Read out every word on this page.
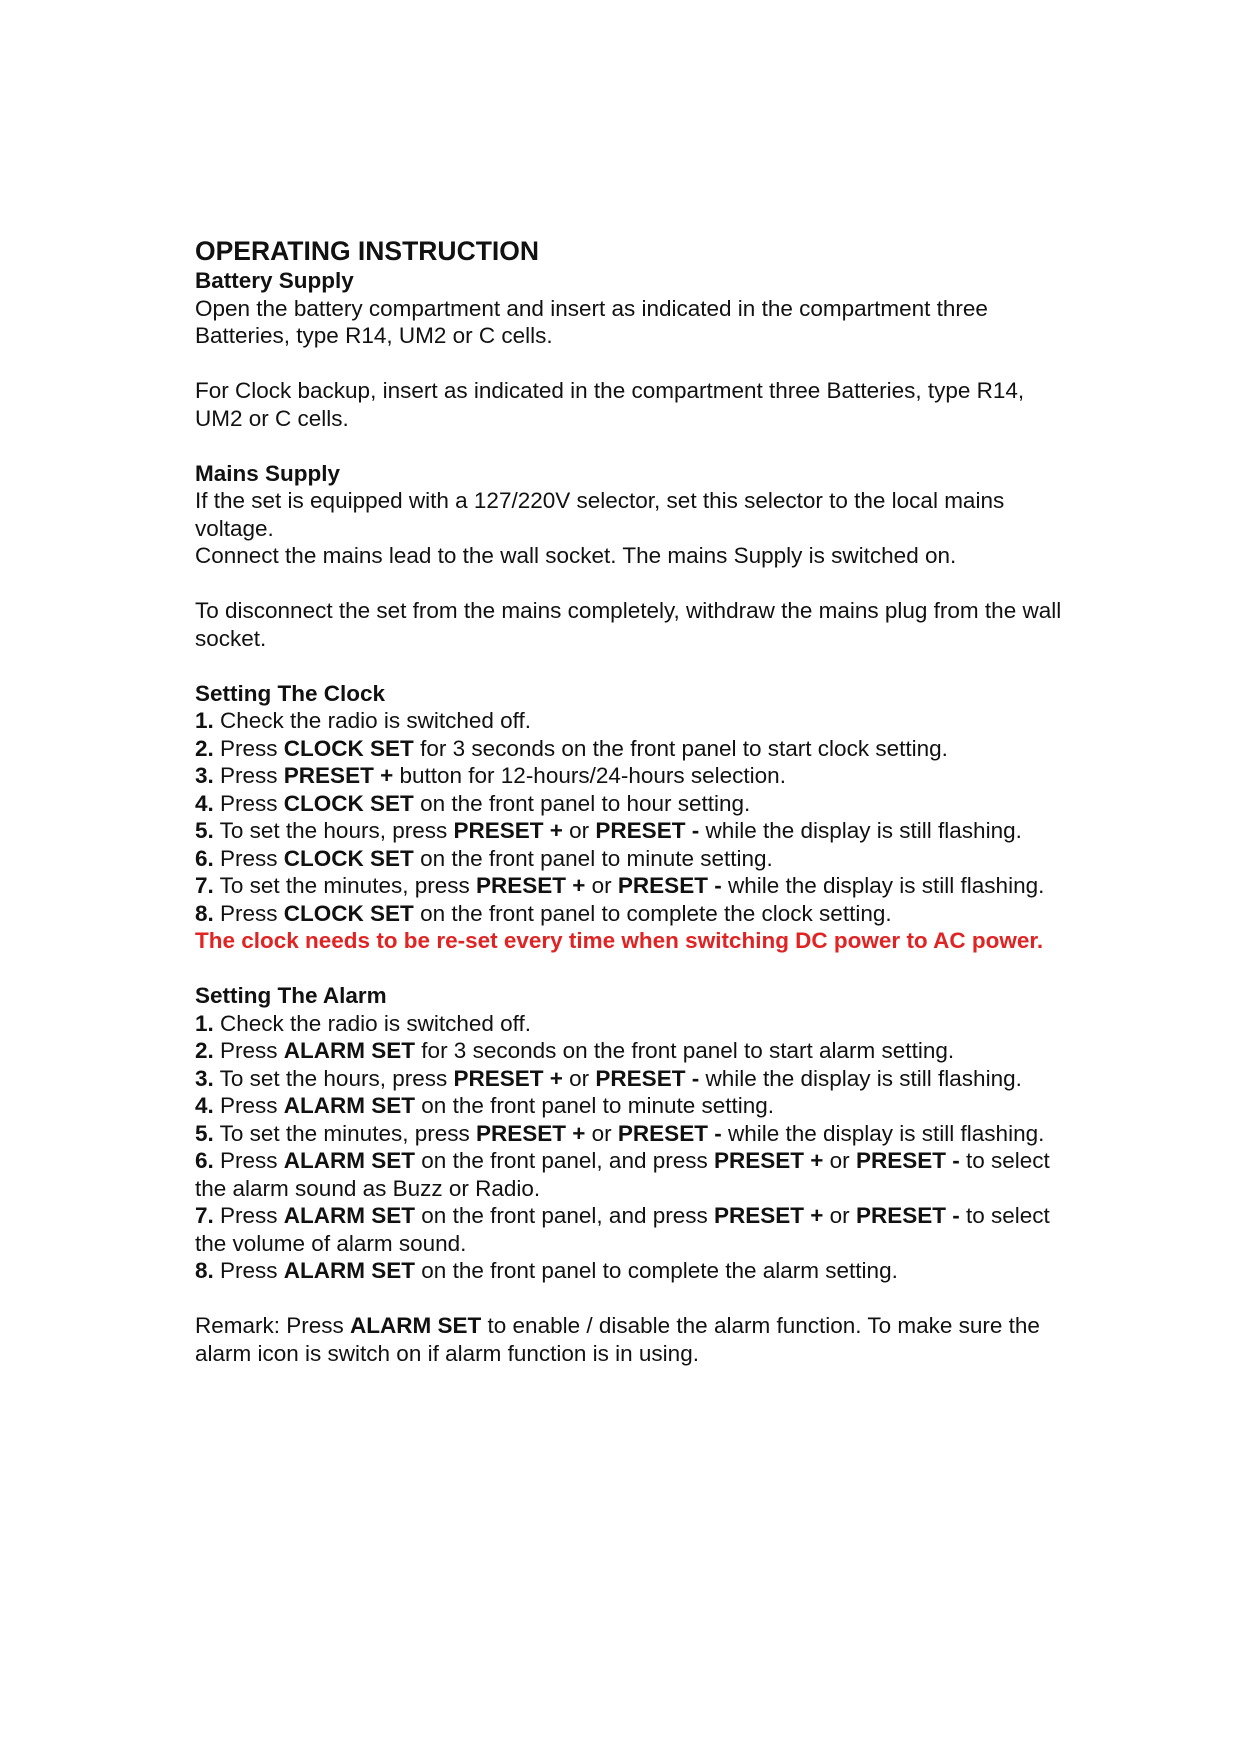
OPERATING INSTRUCTION
Battery Supply

Open the battery compartment and insert as indicated in the compartment three Batteries, type R14, UM2 or C cells.

For Clock backup, insert as indicated in the compartment three Batteries, type R14, UM2 or C cells.

Mains Supply

If the set is equipped with a 127/220V selector, set this selector to the local mains voltage.

Connect the mains lead to the wall socket. The mains Supply is switched on.

To disconnect the set from the mains completely, withdraw the mains plug from the wall socket.

Setting The Clock

1. Check the radio is switched off.

2. Press CLOCK SET for 3 seconds on the front panel to start clock setting.

3. Press PRESET + button for 12-hours/24-hours selection.

4. Press CLOCK SET on the front panel to hour setting.

5. To set the hours, press PRESET + or PRESET - while the display is still flashing.

6. Press CLOCK SET on the front panel to minute setting.

7. To set the minutes, press PRESET + or PRESET - while the display is still flashing.

8. Press CLOCK SET on the front panel to complete the clock setting.

The clock needs to be re-set every time when switching DC power to AC power.

Setting The Alarm

1. Check the radio is switched off.

2. Press ALARM SET for 3 seconds on the front panel to start alarm setting.

3. To set the hours, press PRESET + or PRESET - while the display is still flashing.

4. Press ALARM SET on the front panel to minute setting.

5. To set the minutes, press PRESET + or PRESET - while the display is still flashing.

6. Press ALARM SET on the front panel, and press PRESET + or PRESET - to select the alarm sound as Buzz or Radio.

7. Press ALARM SET on the front panel, and press PRESET + or PRESET - to select the volume of alarm sound.

8. Press ALARM SET on the front panel to complete the alarm setting.

Remark: Press ALARM SET to enable / disable the alarm function. To make sure the alarm icon is switch on if alarm function is in using.
